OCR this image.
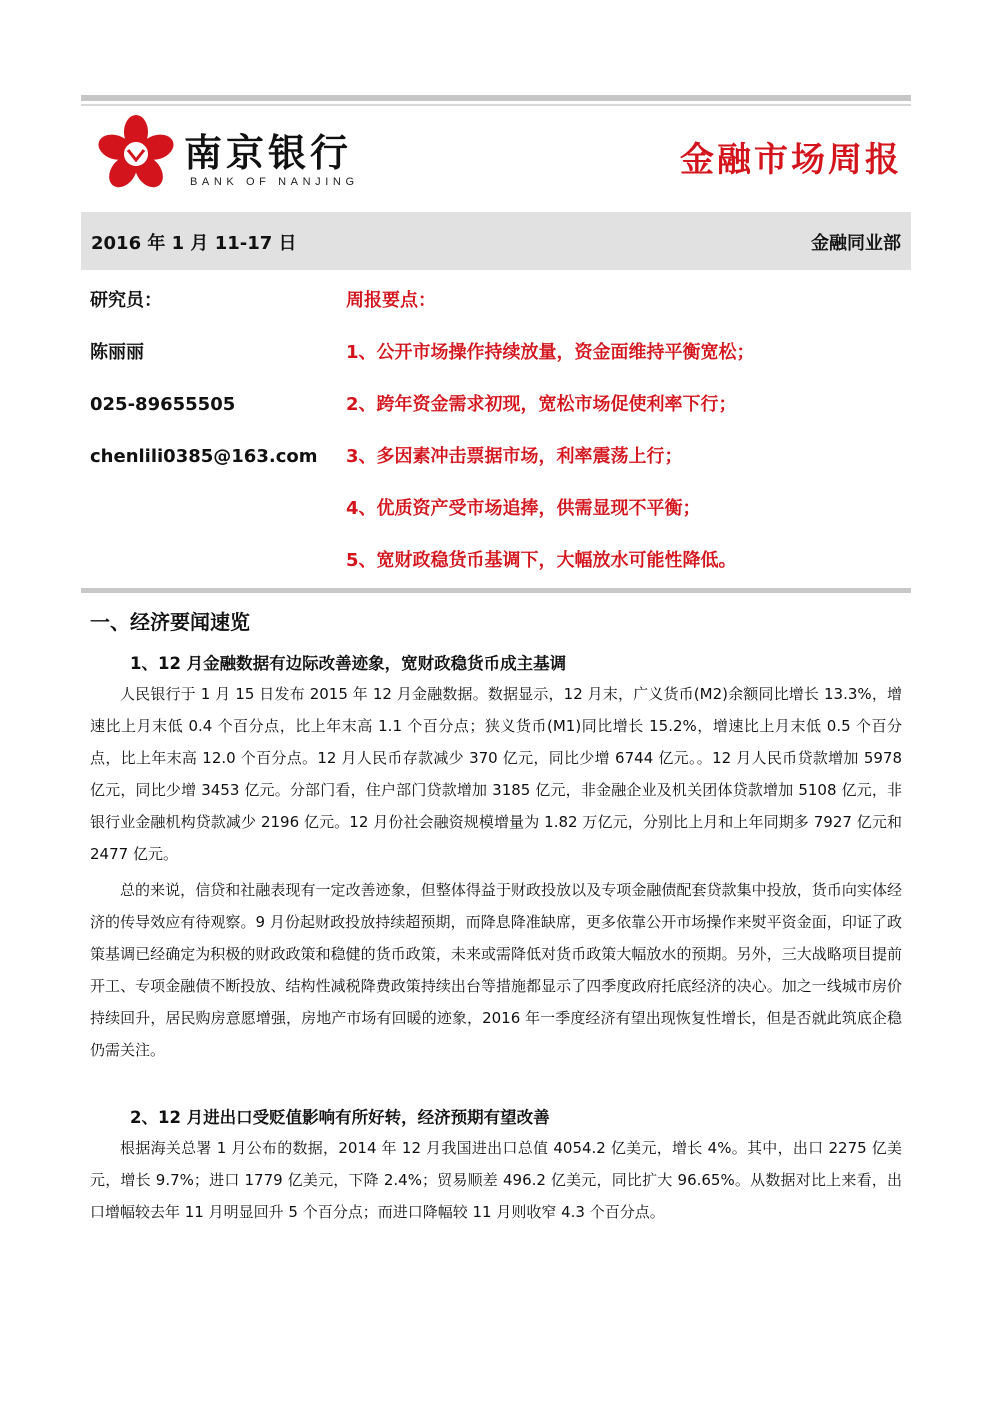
南京银行
BANK OF NANJING
金融市场周报
2016 年 1 月 11-17 日	金融同业部
研究员：
陈丽丽
025-89655505
chenlili0385@163.com
周报要点：
1、公开市场操作持续放量，资金面维持平衡宽松；
2、跨年资金需求初现，宽松市场促使利率下行；
3、多因素冲击票据市场，利率震荡上行；
4、优质资产受市场追捧，供需显现不平衡；
5、宽财政稳货币基调下，大幅放水可能性降低。
一、经济要闻速览
1、12 月金融数据有边际改善迹象，宽财政稳货币成主基调
人民银行于 1 月 15 日发布 2015 年 12 月金融数据。数据显示，12 月末，广义货币(M2)余额同比增长 13.3%，增速比上月末低 0.4 个百分点，比上年末高 1.1 个百分点；狭义货币(M1)同比增长 15.2%，增速比上月末低 0.5 个百分点，比上年末高 12.0 个百分点。12 月人民币存款减少 370 亿元，同比少增 6744 亿元。。12 月人民币贷款增加 5978 亿元，同比少增 3453 亿元。分部门看，住户部门贷款增加 3185 亿元，非金融企业及机关团体贷款增加 5108 亿元，非银行业金融机构贷款减少 2196 亿元。12 月份社会融资规模增量为 1.82 万亿元，分别比上月和上年同期多 7927 亿元和 2477 亿元。
总的来说，信贷和社融表现有一定改善迹象，但整体得益于财政投放以及专项金融债配套贷款集中投放，货币向实体经济的传导效应有待观察。9 月份起财政投放持续超预期，而降息降准缺席，更多依靠公开市场操作来熨平资金面，印证了政策基调已经确定为积极的财政政策和稳健的货币政策，未来或需降低对货币政策大幅放水的预期。另外，三大战略项目提前开工、专项金融债不断投放、结构性减税降费政策持续出台等措施都显示了四季度政府托底经济的决心。加之一线城市房价持续回升，居民购房意愿增强，房地产市场有回暖的迹象，2016 年一季度经济有望出现恢复性增长，但是否就此筑底企稳仍需关注。
2、12 月进出口受贬值影响有所好转，经济预期有望改善
根据海关总署 1 月公布的数据，2014 年 12 月我国进出口总值 4054.2 亿美元，增长 4%。其中，出口 2275 亿美元，增长 9.7%；进口 1779 亿美元，下降 2.4%；贸易顺差 496.2 亿美元，同比扩大 96.65%。从数据对比上来看，出口增幅较去年 11 月明显回升 5 个百分点；而进口降幅较 11 月则收窄 4.3 个百分点。
